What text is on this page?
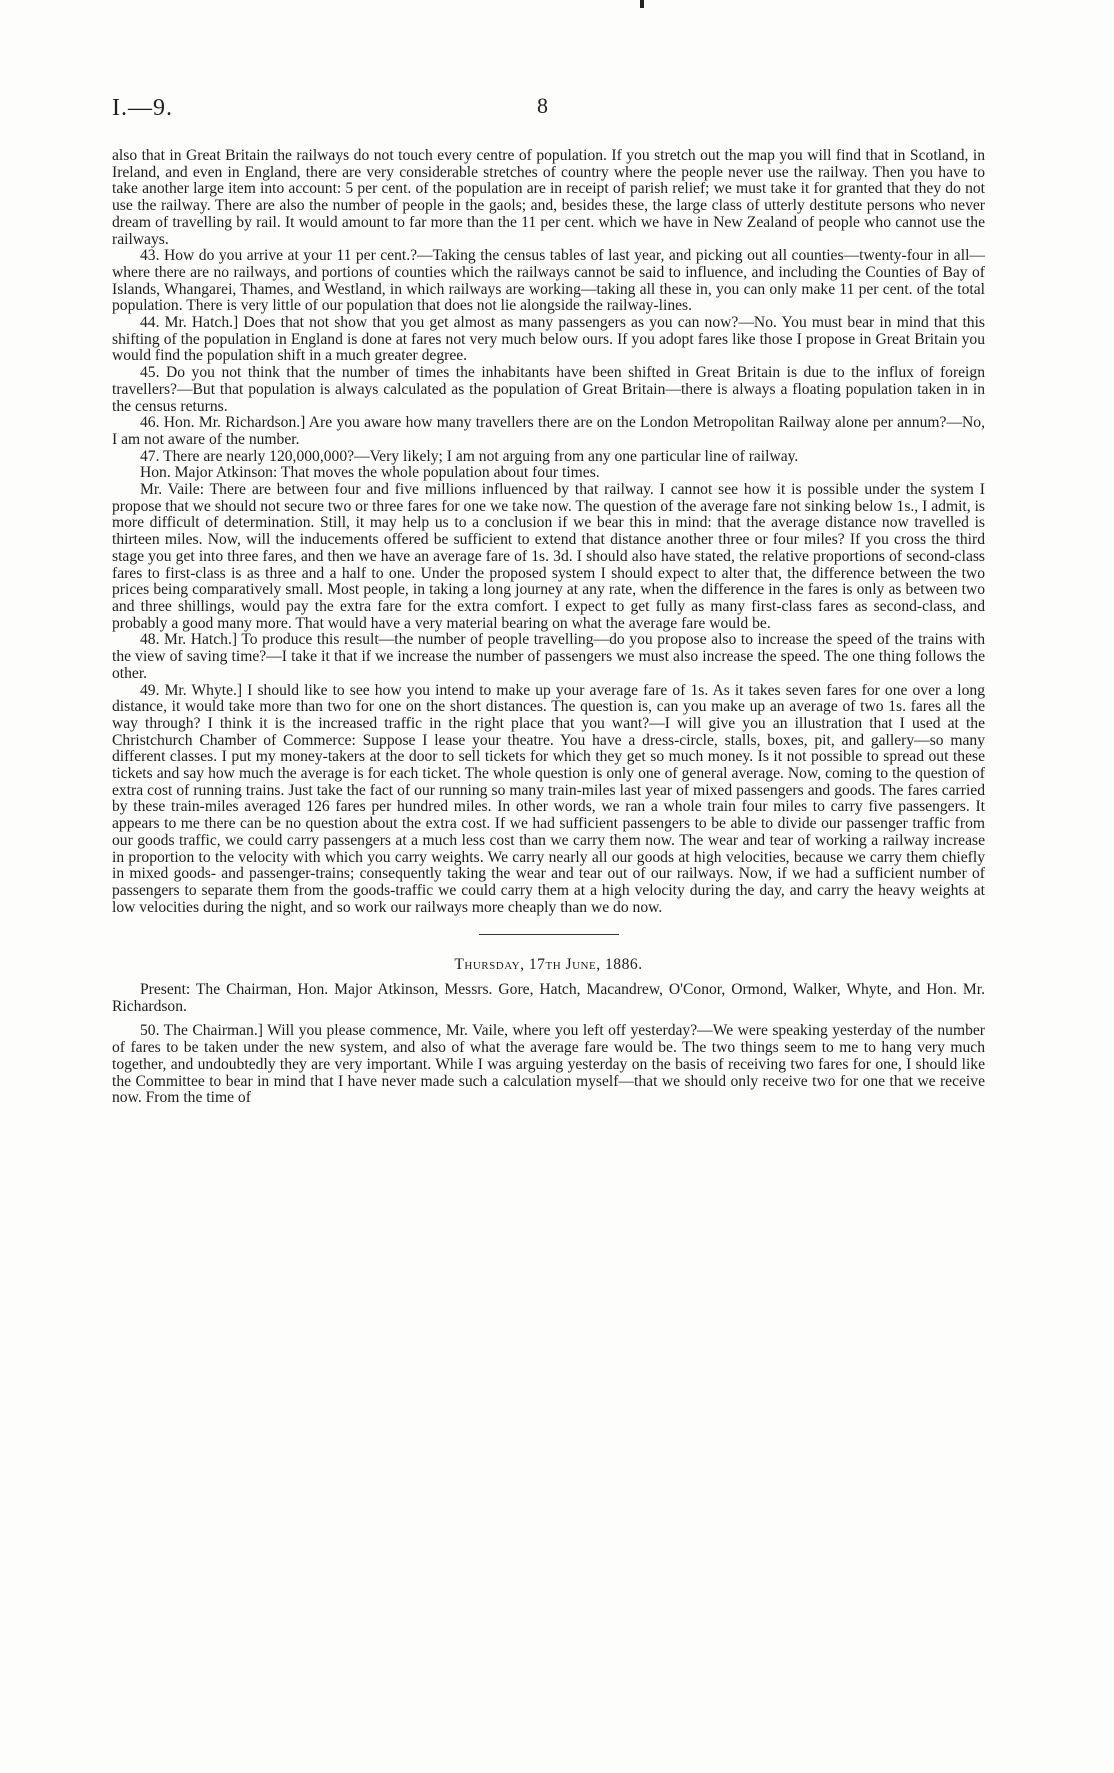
I.—9.	8

also that in Great Britain the railways do not touch every centre of population. If you stretch out the map you will find that in Scotland, in Ireland, and even in England, there are very considerable stretches of country where the people never use the railway. Then you have to take another large item into account: 5 per cent. of the population are in receipt of parish relief; we must take it for granted that they do not use the railway. There are also the number of people in the gaols; and, besides these, the large class of utterly destitute persons who never dream of travelling by rail. It would amount to far more than the 11 per cent. which we have in New Zealand of people who cannot use the railways.

43. How do you arrive at your 11 per cent.?—Taking the census tables of last year, and picking out all counties—twenty-four in all—where there are no railways, and portions of counties which the railways cannot be said to influence, and including the Counties of Bay of Islands, Whangarei, Thames, and Westland, in which railways are working—taking all these in, you can only make 11 per cent. of the total population. There is very little of our population that does not lie alongside the railway-lines.

44. Mr. Hatch.] Does that not show that you get almost as many passengers as you can now?—No. You must bear in mind that this shifting of the population in England is done at fares not very much below ours. If you adopt fares like those I propose in Great Britain you would find the population shift in a much greater degree.

45. Do you not think that the number of times the inhabitants have been shifted in Great Britain is due to the influx of foreign travellers?—But that population is always calculated as the population of Great Britain—there is always a floating population taken in in the census returns.

46. Hon. Mr. Richardson.] Are you aware how many travellers there are on the London Metropolitan Railway alone per annum?—No, I am not aware of the number.

47. There are nearly 120,000,000?—Very likely; I am not arguing from any one particular line of railway.

Hon. Major Atkinson: That moves the whole population about four times.

Mr. Vaile: There are between four and five millions influenced by that railway. I cannot see how it is possible under the system I propose that we should not secure two or three fares for one we take now. The question of the average fare not sinking below 1s., I admit, is more difficult of determination. Still, it may help us to a conclusion if we bear this in mind: that the average distance now travelled is thirteen miles. Now, will the inducements offered be sufficient to extend that distance another three or four miles? If you cross the third stage you get into three fares, and then we have an average fare of 1s. 3d. I should also have stated, the relative proportions of second-class fares to first-class is as three and a half to one. Under the proposed system I should expect to alter that, the difference between the two prices being comparatively small. Most people, in taking a long journey at any rate, when the difference in the fares is only as between two and three shillings, would pay the extra fare for the extra comfort. I expect to get fully as many first-class fares as second-class, and probably a good many more. That would have a very material bearing on what the average fare would be.

48. Mr. Hatch.] To produce this result—the number of people travelling—do you propose also to increase the speed of the trains with the view of saving time?—I take it that if we increase the number of passengers we must also increase the speed. The one thing follows the other.

49. Mr. Whyte.] I should like to see how you intend to make up your average fare of 1s. As it takes seven fares for one over a long distance, it would take more than two for one on the short distances. The question is, can you make up an average of two 1s. fares all the way through? I think it is the increased traffic in the right place that you want?—I will give you an illustration that I used at the Christchurch Chamber of Commerce: Suppose I lease your theatre. You have a dress-circle, stalls, boxes, pit, and gallery—so many different classes. I put my money-takers at the door to sell tickets for which they get so much money. Is it not possible to spread out these tickets and say how much the average is for each ticket. The whole question is only one of general average. Now, coming to the question of extra cost of running trains. Just take the fact of our running so many train-miles last year of mixed passengers and goods. The fares carried by these train-miles averaged 126 fares per hundred miles. In other words, we ran a whole train four miles to carry five passengers. It appears to me there can be no question about the extra cost. If we had sufficient passengers to be able to divide our passenger traffic from our goods traffic, we could carry passengers at a much less cost than we carry them now. The wear and tear of working a railway increase in proportion to the velocity with which you carry weights. We carry nearly all our goods at high velocities, because we carry them chiefly in mixed goods- and passenger-trains; consequently taking the wear and tear out of our railways. Now, if we had a sufficient number of passengers to separate them from the goods-traffic we could carry them at a high velocity during the day, and carry the heavy weights at low velocities during the night, and so work our railways more cheaply than we do now.

Thursday, 17th June, 1886.

Present: The Chairman, Hon. Major Atkinson, Messrs. Gore, Hatch, Macandrew, O'Conor, Ormond, Walker, Whyte, and Hon. Mr. Richardson.

50. The Chairman.] Will you please commence, Mr. Vaile, where you left off yesterday?—We were speaking yesterday of the number of fares to be taken under the new system, and also of what the average fare would be. The two things seem to me to hang very much together, and undoubtedly they are very important. While I was arguing yesterday on the basis of receiving two fares for one, I should like the Committee to bear in mind that I have never made such a calculation myself—that we should only receive two for one that we receive now. From the time of
